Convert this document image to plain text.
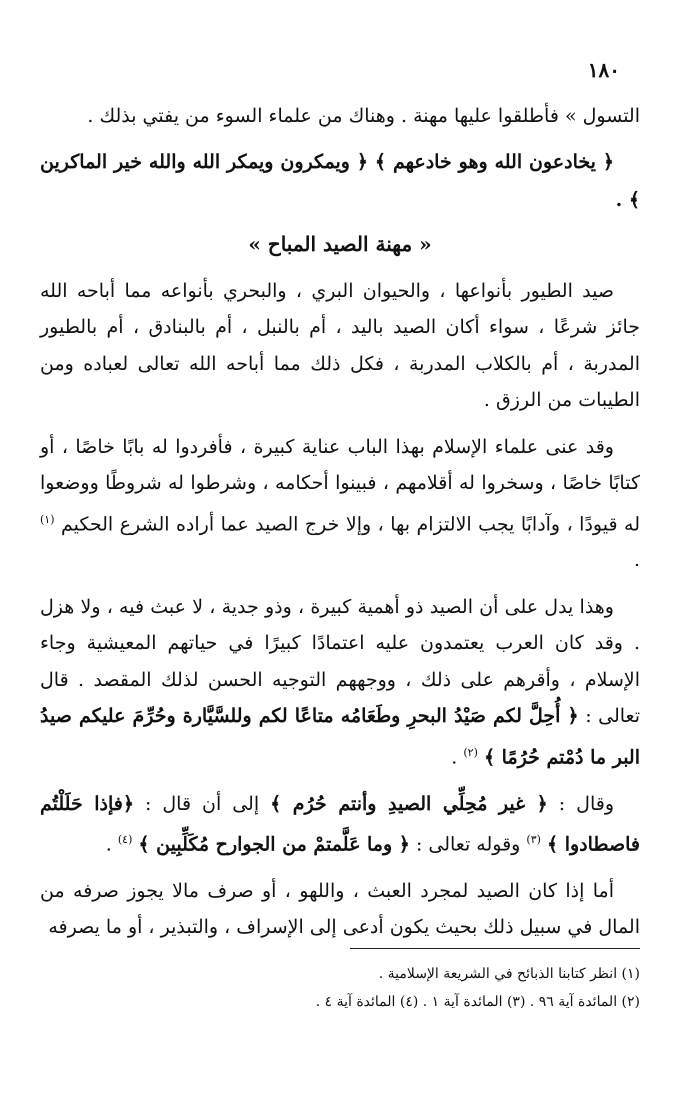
١٨٠

التسول » فأطلقوا عليها مهنة . وهناك من علماء السوء من يفتي بذلك .

﴿ يخادعون الله وهو خادعهم ﴾ ﴿ ويمكرون ويمكر الله والله خير الماكرين ﴾ .

« مهنة الصيد المباح »

صيد الطيور بأنواعها ، والحيوان البري ، والبحري بأنواعه مما أباحه الله جائز شرعًا ، سواء أكان الصيد باليد ، أم بالنبل ، أم بالبنادق ، أم بالطيور المدربة ، أم بالكلاب المدربة ، فكل ذلك مما أباحه الله تعالى لعباده ومن الطيبات من الرزق .

وقد عنى علماء الإسلام بهذا الباب عناية كبيرة ، فأفردوا له بابًا خاصًا ، أو كتابًا خاصًا ، وسخروا له أقلامهم ، فبينوا أحكامه ، وشرطوا له شروطًا ووضعوا له قيودًا ، وآدابًا يجب الالتزام بها ، وإلا خرج الصيد عما أراده الشرع الحكيم $^{(١)}$ .

وهذا يدل على أن الصيد ذو أهمية كبيرة ، وذو جدية ، لا عبث فيه ، ولا هزل . وقد كان العرب يعتمدون عليه اعتمادًا كبيرًا في حياتهم المعيشية وجاء الإسلام ، وأقرهم على ذلك ، ووجههم التوجيه الحسن لذلك المقصد . قال تعالى : ﴿ أُحِلَّ لكم صَيْدُ البحرِ وطَعَامُه متاعًا لكم وللسَّيَّارة وحُرِّمَ عليكم صيدُ البر ما دُمْتم حُرُمًا ﴾ $^{(٢)}$ .

وقال : ﴿ غير مُحِلِّي الصيدِ وأنتم حُرُم ﴾ إلى أن قال : ﴿فإذا حَلَلْتُم فاصطادوا ﴾ $^{(٣)}$ وقوله تعالى : ﴿ وما عَلَّمتمْ من الجوارح مُكَلِّبِين ﴾ $^{(٤)}$ .

أما إذا كان الصيد لمجرد العبث ، واللهو ، أو صرف مالا يجوز صرفه من المال في سبيل ذلك بحيث يكون أدعى إلى الإسراف ، والتبذير ، أو ما يصرفه

(١) انظر كتابنا الذبائح في الشريعة الإسلامية .

(٢) المائدة آية ٩٦ . (٣) المائدة آية ١ . (٤) المائدة آية ٤ .
